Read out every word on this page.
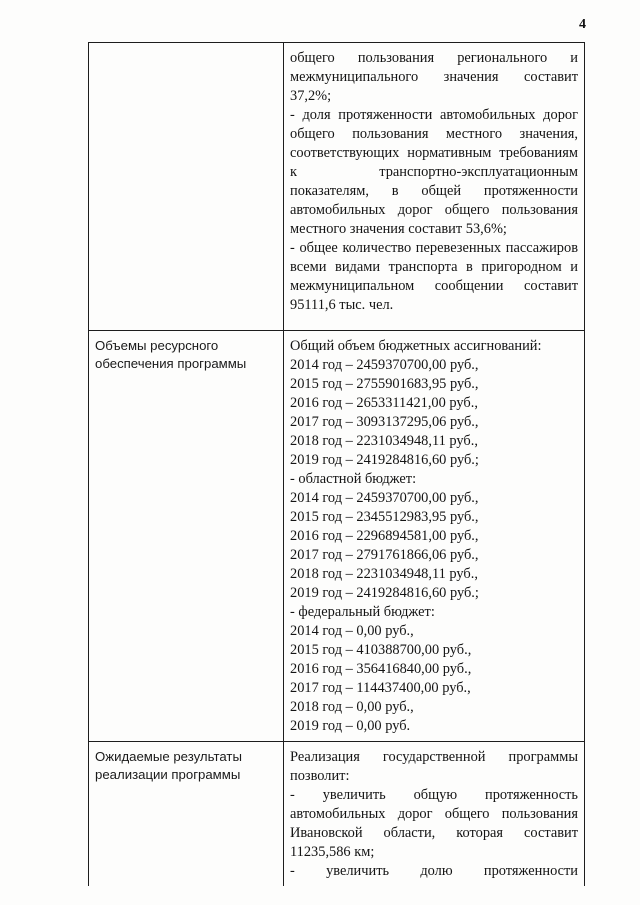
4

общего пользования регионального и межмуниципального значения составит 37,2%;

- доля протяженности автомобильных дорог общего пользования местного значения, соответствующих нормативным требованиям к транспортно-эксплуатационным показателям, в общей протяженности автомобильных дорог общего пользования местного значения составит 53,6%;

- общее количество перевезенных пассажиров всеми видами транспорта в пригородном и межмуниципальном сообщении составит 95111,6 тыс. чел.

Объемы ресурсного обеспечения программы

Общий объем бюджетных ассигнований:

2014 год – 2459370700,00 руб.,

2015 год – 2755901683,95 руб.,

2016 год – 2653311421,00 руб.,

2017 год – 3093137295,06 руб.,

2018 год – 2231034948,11 руб.,

2019 год – 2419284816,60 руб.;

- областной бюджет:

2014 год – 2459370700,00 руб.,

2015 год – 2345512983,95 руб.,

2016 год – 2296894581,00 руб.,

2017 год – 2791761866,06 руб.,

2018 год – 2231034948,11 руб.,

2019 год – 2419284816,60 руб.;

- федеральный бюджет:

2014 год – 0,00 руб.,

2015 год – 410388700,00 руб.,

2016 год – 356416840,00 руб.,

2017 год – 114437400,00 руб.,

2018 год – 0,00 руб.,

2019 год – 0,00 руб.

Ожидаемые результаты реализации программы

Реализация государственной программы позволит:

- увеличить общую протяженность автомобильных дорог общего пользования Ивановской области, которая составит 11235,586 км;

- увеличить долю протяженности
